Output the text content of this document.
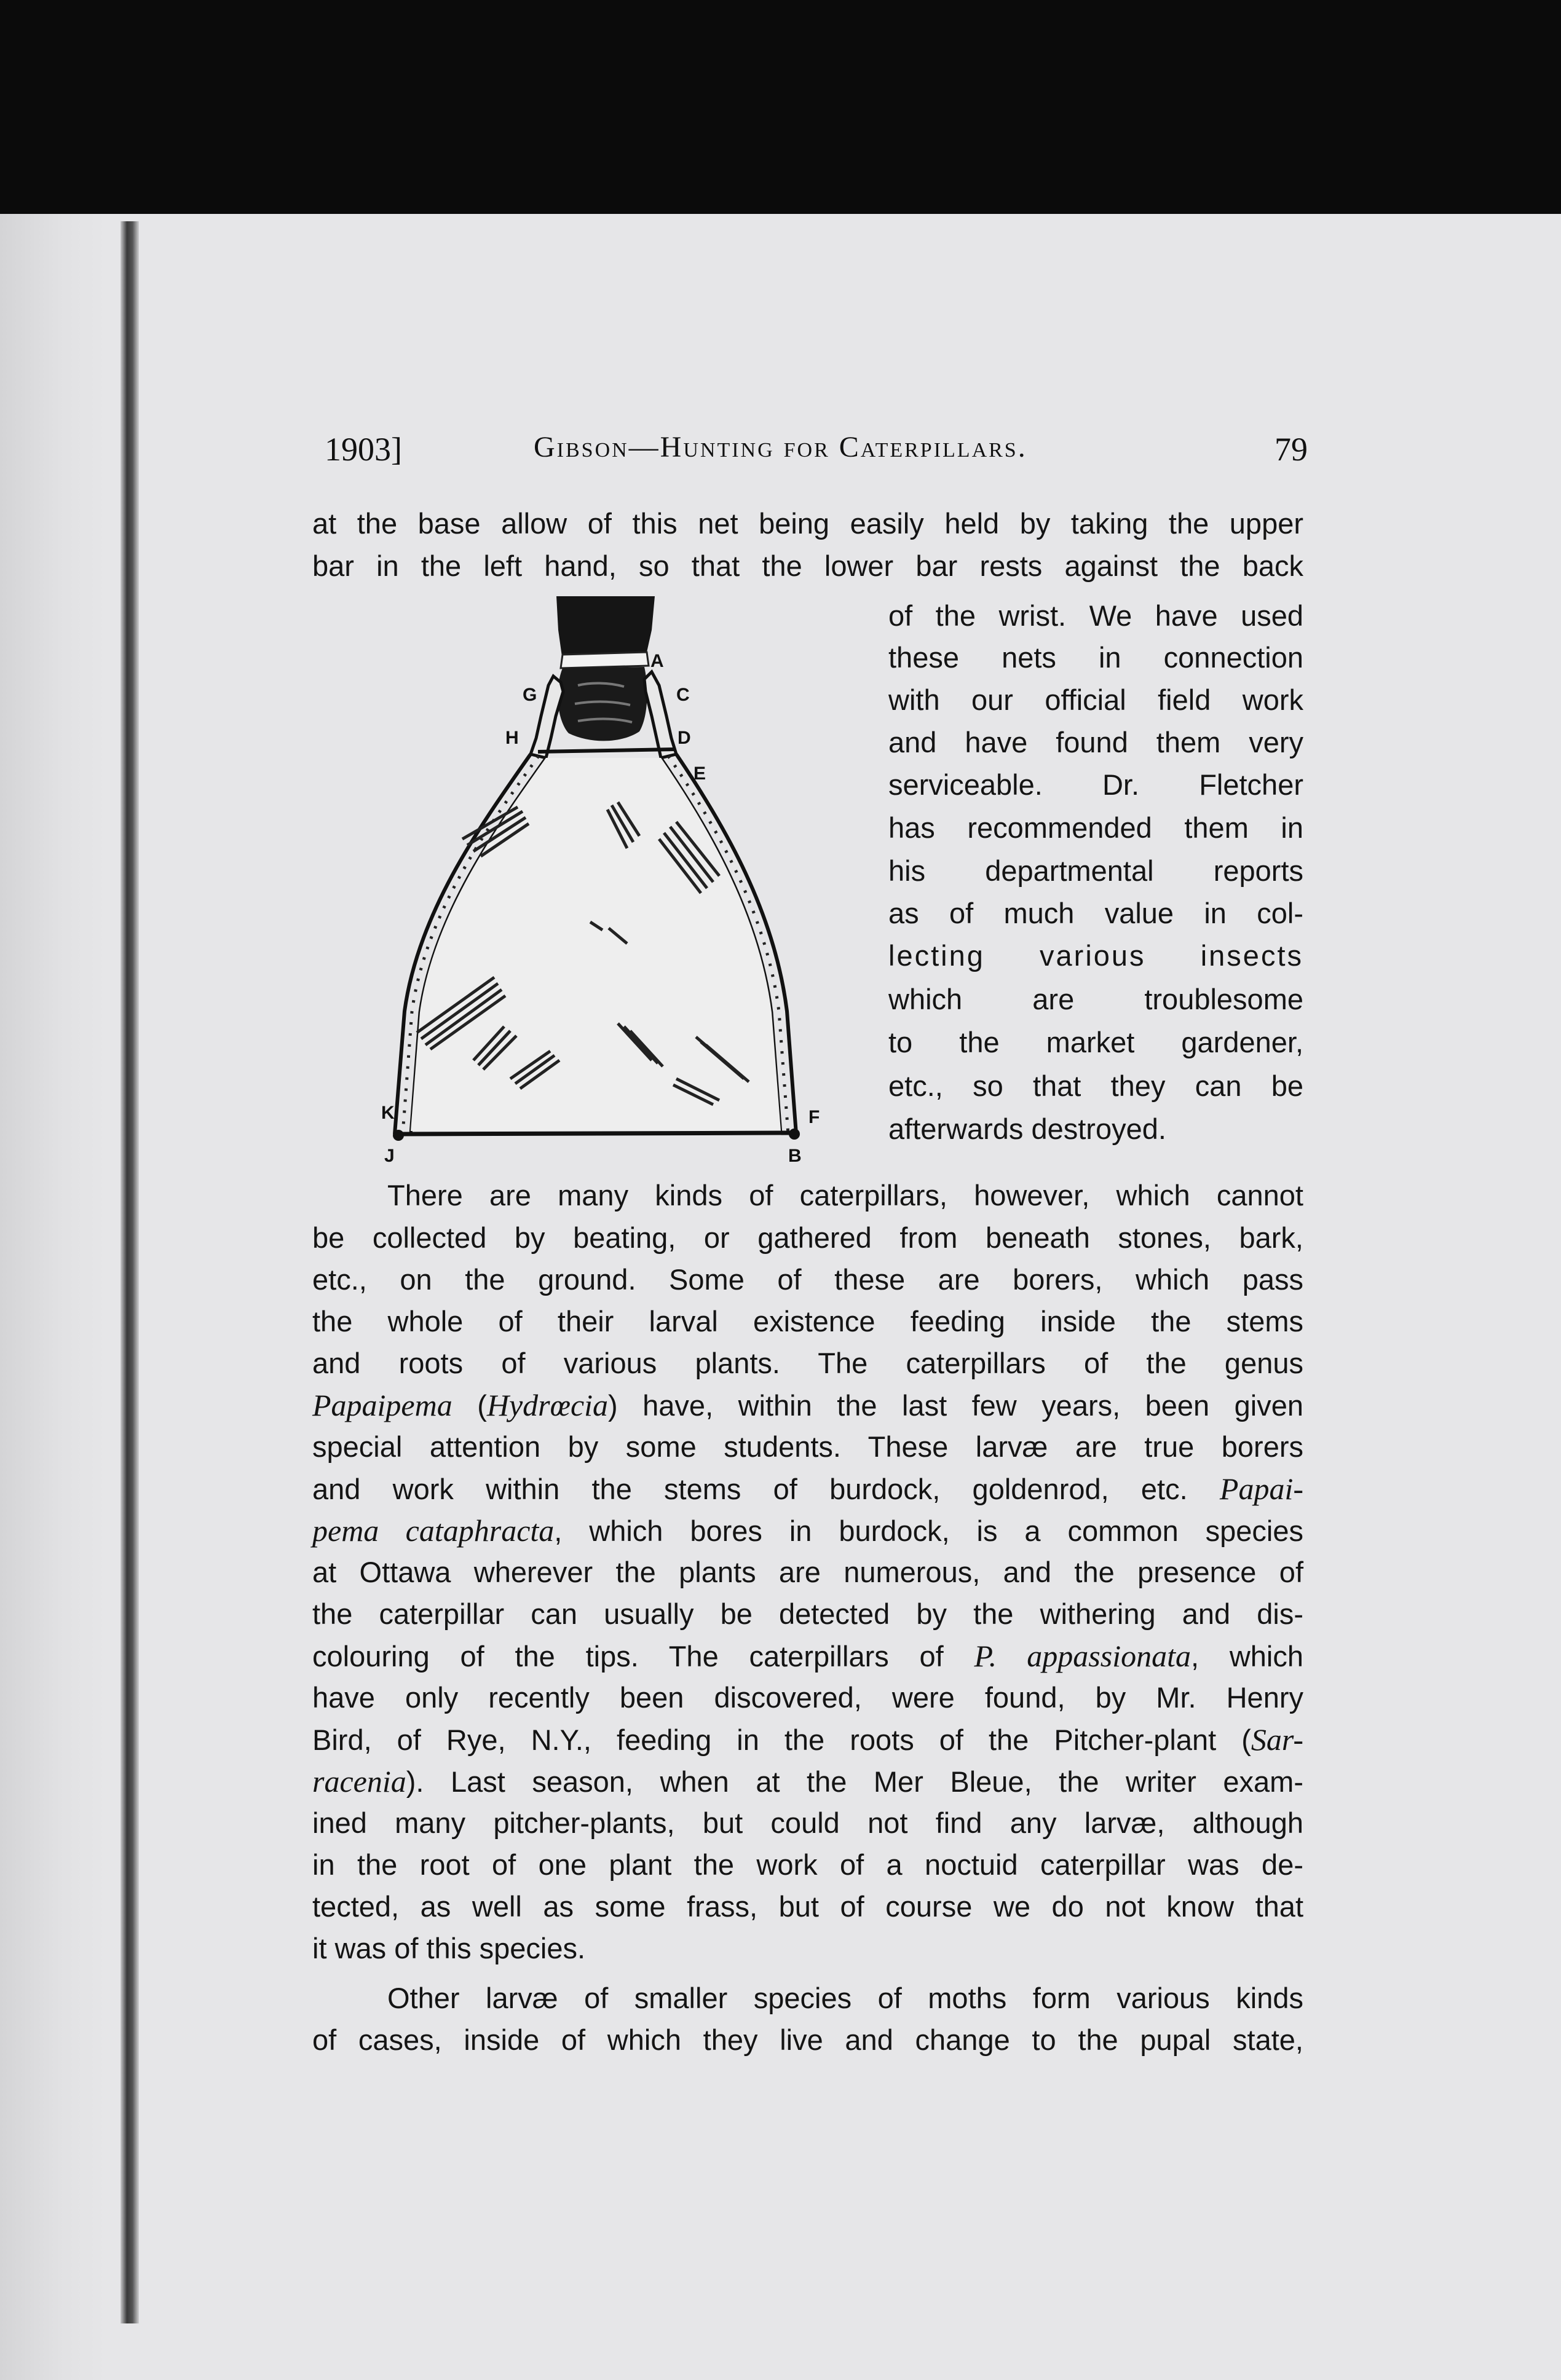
1903]	Gibson—Hunting for Caterpillars.	79
at the base allow of this net being easily held by taking the upper
bar in the left hand, so that the lower bar rests against the back
of the wrist. We have used
these nets in connection
with our official field work
and have found them very
serviceable. Dr. Fletcher
has recommended them in
his departmental reports
as of much value in col-
lecting various insects
which are troublesome
to the market gardener,
etc., so that they can be
afterwards destroyed.
A
C
D
E
G
H
K
J
F
B
There are many kinds of caterpillars, however, which cannot
be collected by beating, or gathered from beneath stones, bark,
etc., on the ground. Some of these are borers, which pass
the whole of their larval existence feeding inside the stems
and roots of various plants. The caterpillars of the genus
Papaipema (Hydrœcia) have, within the last few years, been given
special attention by some students. These larvæ are true borers
and work within the stems of burdock, goldenrod, etc. Papai-
pema cataphracta, which bores in burdock, is a common species
at Ottawa wherever the plants are numerous, and the presence of
the caterpillar can usually be detected by the withering and dis-
colouring of the tips. The caterpillars of P. appassionata, which
have only recently been discovered, were found, by Mr. Henry
Bird, of Rye, N.Y., feeding in the roots of the Pitcher-plant (Sar-
racenia). Last season, when at the Mer Bleue, the writer exam-
ined many pitcher-plants, but could not find any larvæ, although
in the root of one plant the work of a noctuid caterpillar was de-
tected, as well as some frass, but of course we do not know that
it was of this species.
Other larvæ of smaller species of moths form various kinds
of cases, inside of which they live and change to the pupal state,
